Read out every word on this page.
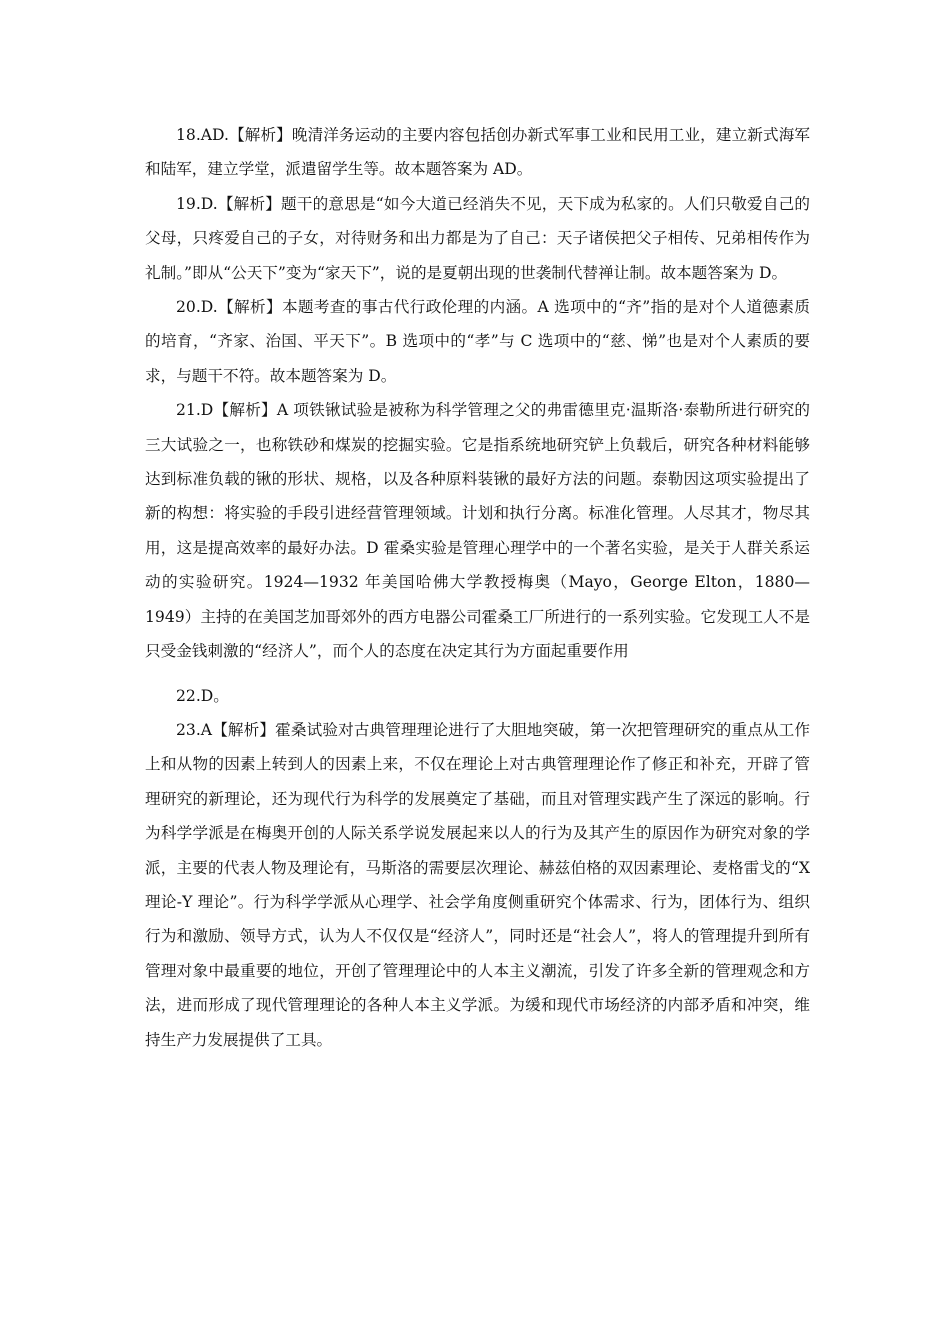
18.AD.【解析】晚清洋务运动的主要内容包括创办新式军事工业和民用工业，建立新式海军和陆军，建立学堂，派遣留学生等。故本题答案为 AD。

19.D.【解析】题干的意思是“如今大道已经消失不见，天下成为私家的。人们只敬爱自己的父母，只疼爱自己的子女，对待财务和出力都是为了自己：天子诸侯把父子相传、兄弟相传作为礼制。”即从“公天下”变为“家天下”，说的是夏朝出现的世袭制代替禅让制。故本题答案为 D。

20.D.【解析】本题考查的事古代行政伦理的内涵。A 选项中的“齐”指的是对个人道德素质的培育，“齐家、治国、平天下”。B 选项中的“孝”与 C 选项中的“慈、悌”也是对个人素质的要求，与题干不符。故本题答案为 D。

21.D【解析】A 项铁锹试验是被称为科学管理之父的弗雷德里克·温斯洛·泰勒所进行研究的三大试验之一，也称铁砂和煤炭的挖掘实验。它是指系统地研究铲上负载后，研究各种材料能够达到标准负载的锹的形状、规格，以及各种原料装锹的最好方法的问题。泰勒因这项实验提出了新的构想：将实验的手段引进经营管理领域。计划和执行分离。标准化管理。人尽其才，物尽其用，这是提高效率的最好办法。D 霍桑实验是管理心理学中的一个著名实验，是关于人群关系运动的实验研究。1924—1932 年美国哈佛大学教授梅奥（Mayo，George Elton，1880—1949）主持的在美国芝加哥郊外的西方电器公司霍桑工厂所进行的一系列实验。它发现工人不是只受金钱刺激的“经济人”，而个人的态度在决定其行为方面起重要作用

22.D。

23.A【解析】霍桑试验对古典管理理论进行了大胆地突破，第一次把管理研究的重点从工作上和从物的因素上转到人的因素上来，不仅在理论上对古典管理理论作了修正和补充，开辟了管理研究的新理论，还为现代行为科学的发展奠定了基础，而且对管理实践产生了深远的影响。行为科学学派是在梅奥开创的人际关系学说发展起来以人的行为及其产生的原因作为研究对象的学派，主要的代表人物及理论有，马斯洛的需要层次理论、赫兹伯格的双因素理论、麦格雷戈的“X 理论-Y 理论”。行为科学学派从心理学、社会学角度侧重研究个体需求、行为，团体行为、组织行为和激励、领导方式，认为人不仅仅是“经济人”，同时还是“社会人”，将人的管理提升到所有管理对象中最重要的地位，开创了管理理论中的人本主义潮流，引发了许多全新的管理观念和方法，进而形成了现代管理理论的各种人本主义学派。为缓和现代市场经济的内部矛盾和冲突，维持生产力发展提供了工具。
